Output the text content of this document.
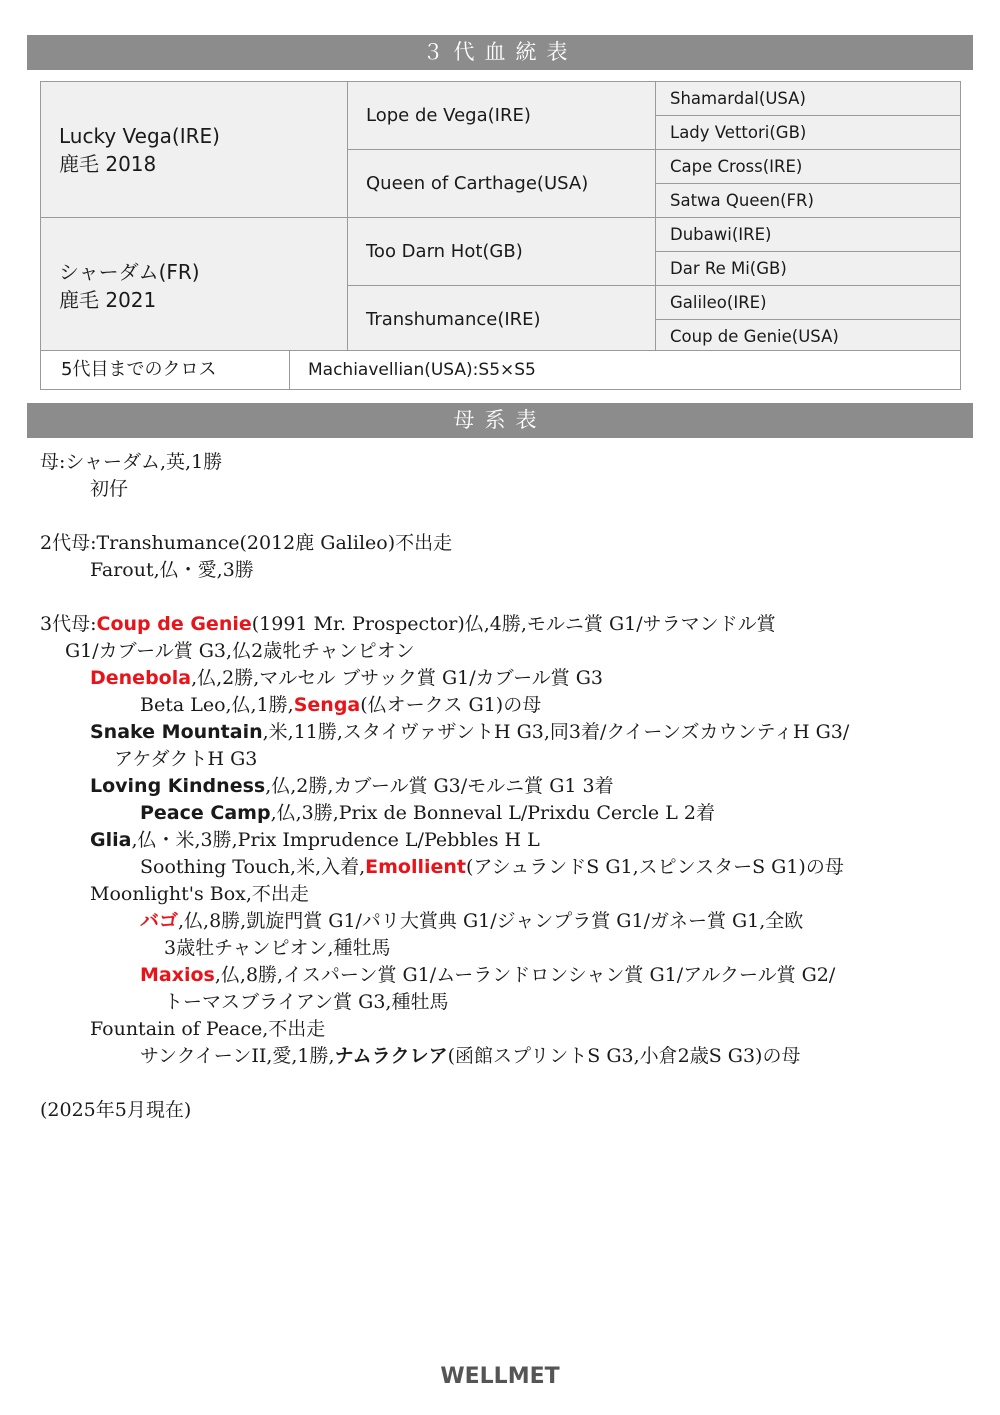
３代血統表
Lucky Vega(IRE)
鹿毛 2018	Lope de Vega(IRE)	Shamardal(USA)
		Lady Vettori(GB)
	Queen of Carthage(USA)	Cape Cross(IRE)
		Satwa Queen(FR)

シャーダム(FR)
鹿毛 2021	Too Darn Hot(GB)	Dubawi(IRE)
		Dar Re Mi(GB)
	Transhumance(IRE)	Galileo(IRE)
		Coup de Genie(USA)
5代目までのクロス	Machiavellian(USA):S5×S5
母系表
母:シャーダム,英,1勝
初仔
2代母:Transhumance(2012鹿 Galileo)不出走
Farout,仏・愛,3勝
3代母:Coup de Genie(1991 Mr. Prospector)仏,4勝,モルニ賞 G1/サラマンドル賞
G1/カブール賞 G3,仏2歳牝チャンピオン
Denebola,仏,2勝,マルセル ブサック賞 G1/カブール賞 G3
Beta Leo,仏,1勝,Senga(仏オークス G1)の母
Snake Mountain,米,11勝,スタイヴァザントH G3,同3着/クイーンズカウンティH G3/
アケダクトH G3
Loving Kindness,仏,2勝,カブール賞 G3/モルニ賞 G1 3着
Peace Camp,仏,3勝,Prix de Bonneval L/Prixdu Cercle L 2着
Glia,仏・米,3勝,Prix Imprudence L/Pebbles H L
Soothing Touch,米,入着,Emollient(アシュランドS G1,スピンスターS G1)の母
Moonlight's Box,不出走
バゴ,仏,8勝,凱旋門賞 G1/パリ大賞典 G1/ジャンプラ賞 G1/ガネー賞 G1,全欧
3歳牡チャンピオン,種牡馬
Maxios,仏,8勝,イスパーン賞 G1/ムーランドロンシャン賞 G1/アルクール賞 G2/
トーマスブライアン賞 G3,種牡馬
Fountain of Peace,不出走
サンクイーンII,愛,1勝,ナムラクレア(函館スプリントS G3,小倉2歳S G3)の母
(2025年5月現在)
WELLMET
